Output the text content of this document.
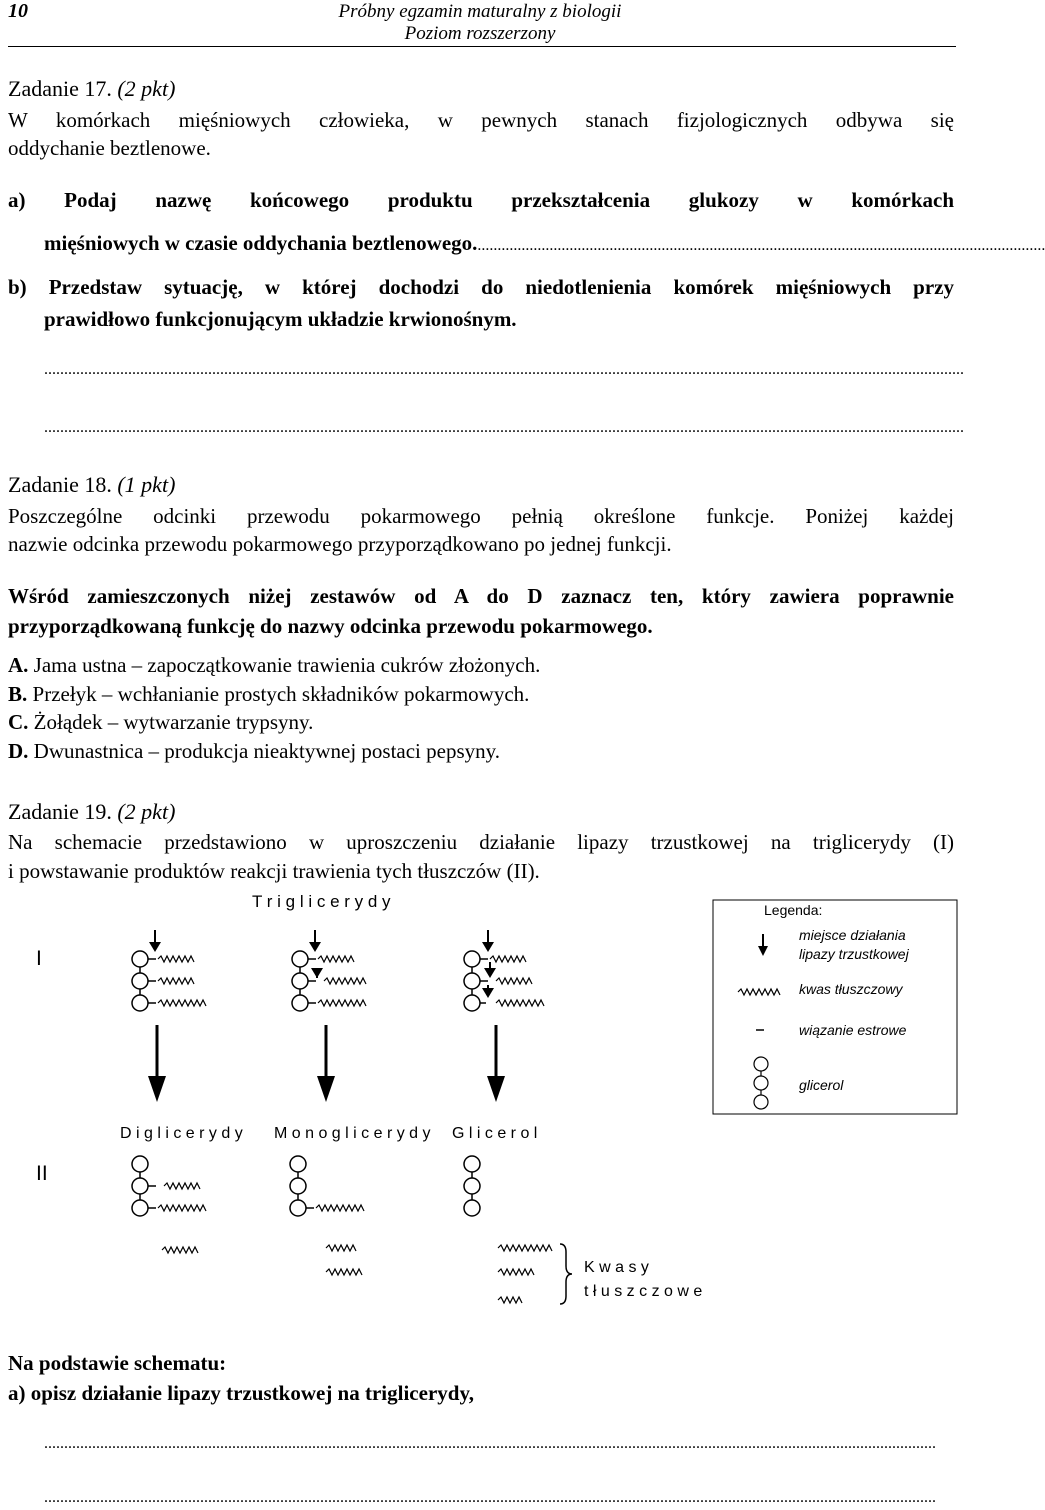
10	Próbny egzamin maturalny z biologii
Poziom rozszerzony
Zadanie 17. (2 pkt)
W komórkach mięśniowych człowieka, w pewnych stanach fizjologicznych odbywa się
oddychanie beztlenowe.
a) Podaj nazwę końcowego produktu przekształcenia glukozy w komórkach
mięśniowych w czasie oddychania beztlenowego...............................................................................................................................................
b) Przedstaw sytuację, w której dochodzi do niedotlenienia komórek mięśniowych przy
prawidłowo funkcjonującym układzie krwionośnym.
......................................................................................................................................................................................................................................
......................................................................................................................................................................................................................................
Zadanie 18. (1 pkt)
Poszczególne odcinki przewodu pokarmowego pełnią określone funkcje. Poniżej każdej
nazwie odcinka przewodu pokarmowego przyporządkowano po jednej funkcji.
Wśród zamieszczonych niżej zestawów od A do D zaznacz ten, który zawiera poprawnie
przyporządkowaną funkcję do nazwy odcinka przewodu pokarmowego.
A. Jama ustna – zapoczątkowanie trawienia cukrów złożonych.
B. Przełyk – wchłanianie prostych składników pokarmowych.
C. Żołądek – wytwarzanie trypsyny.
D. Dwunastnica – produkcja nieaktywnej postaci pepsyny.
Zadanie 19. (2 pkt)
Na schemacie przedstawiono w uproszczeniu działanie lipazy trzustkowej na triglicerydy (I)
i powstawanie produktów reakcji trawienia tych tłuszczów (II).
T r i g l i c e r y d y
I
II
D i g l i c e r y d y M o n o g l i c e r y d y G l i c e r o l
K w a s y
t ł u s z c z o w e
Legenda:
miejsce działania
lipazy trzustkowej
kwas tłuszczowy
wiązanie estrowe
glicerol
Na podstawie schematu:
a) opisz działanie lipazy trzustkowej na triglicerydy,
...............................................................................................................................................................................................................................
...............................................................................................................................................................................................................................
